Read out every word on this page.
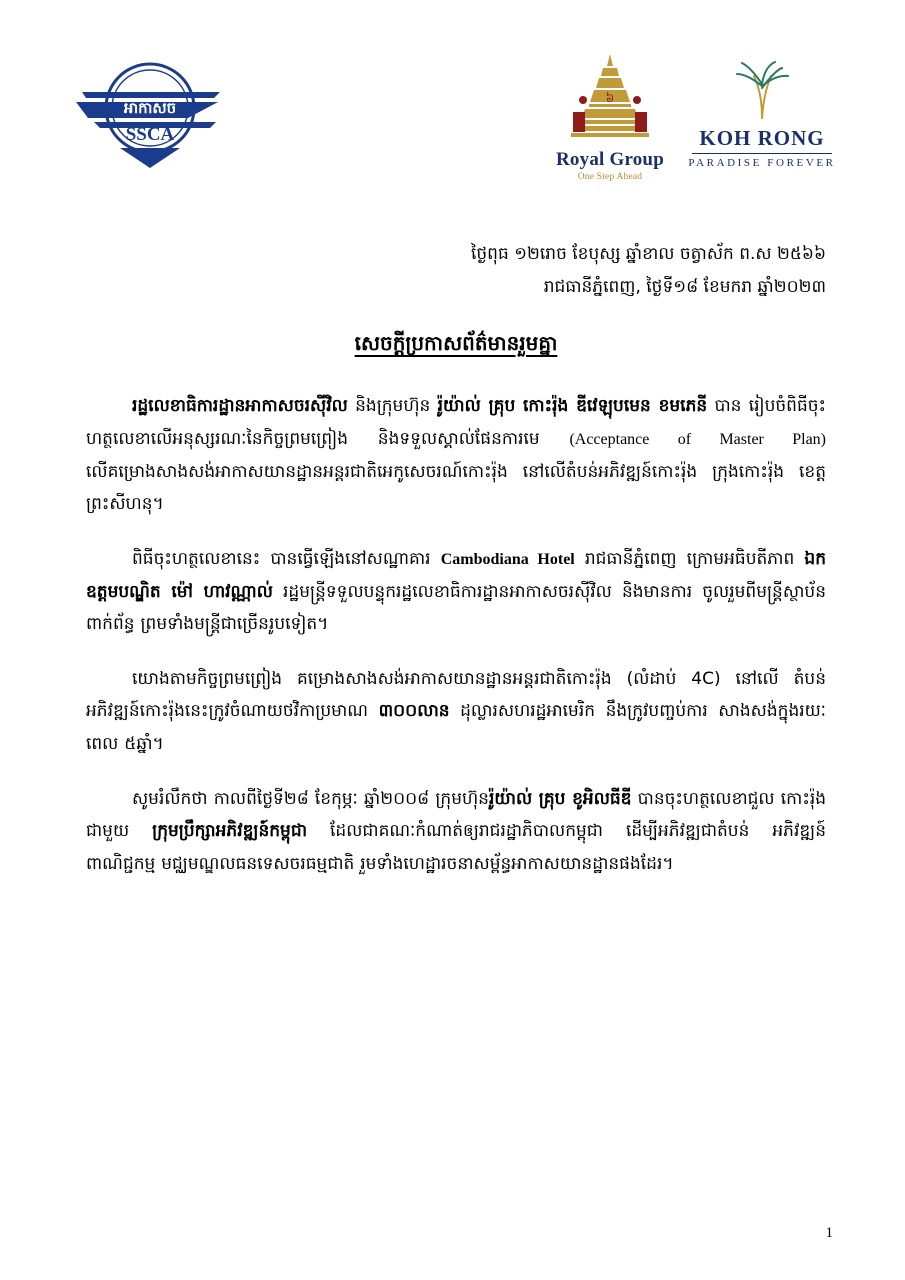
អាកាសច
SSCA
៦
Royal Group
One Step Ahead
KOH RONG
PARADISE FOREVER
ថ្ងៃពុធ ១២រោច ខែបុស្ស ឆ្នាំខាល ចត្វាស័ក ព.ស ២៥៦៦
រាជធានីភ្នំពេញ, ថ្ងៃទី១៨ ខែមករា ឆ្នាំ២០២៣
សេចក្ដីប្រកាសព័ត៌មានរួមគ្នា

រដ្ឋលេខាធិការដ្ឋានអាកាសចរស៊ីវិល និងក្រុមហ៊ុន រ៉ូយ៉ាល់ គ្រុប កោះរ៉ុង ឌីវេឡុបមេន ខមភេនី បាន រៀបចំពិធីចុះហត្ថលេខាលើអនុស្សរណៈនៃកិច្ចព្រមព្រៀង និងទទួលស្គាល់ផែនការមេ (Acceptance of Master Plan) លើគម្រោងសាងសង់អាកាសយានដ្ឋានអន្តរជាតិអេកូសេចរណ៍កោះរ៉ុង នៅលើតំបន់អភិវឌ្ឍន៍កោះរ៉ុង ក្រុងកោះរ៉ុង ខេត្តព្រះសីហនុ។

ពិធីចុះហត្ថលេខានេះ បានធ្វើឡើងនៅសណ្ឋាគារ Cambodiana Hotel រាជធានីភ្នំពេញ ក្រោមអធិបតីភាព ឯកឧត្តមបណ្ឌិត ម៉ៅ ហាវណ្ណាល់ រដ្ឋមន្ត្រីទទួលបន្ទុករដ្ឋលេខាធិការដ្ឋានអាកាសចរស៊ីវិល និងមានការ ចូលរួមពីមន្ត្រីស្ថាប័នពាក់ព័ន្ធ ព្រមទាំងមន្ត្រីជាច្រើនរូបទៀត។

យោងតាមកិច្ចព្រមព្រៀង គម្រោងសាងសង់អាកាសយានដ្ឋានអន្តរជាតិកោះរ៉ុង (លំដាប់ 4C) នៅលើ តំបន់អភិវឌ្ឍន៍កោះរ៉ុងនេះក្រូវចំណាយថវិកាប្រមាណ ៣០០លាន ដុល្លារសហរដ្ឋអាមេរិក នឹងក្រូវបញ្ចប់ការ សាងសង់ក្នុងរយៈពេល ៥ឆ្នាំ។

សូមរំលឹកថា កាលពីថ្ងៃទី២៨ ខែកុម្ភៈ ឆ្នាំ២០០៨ ក្រុមហ៊ុនរ៉ូយ៉ាល់ គ្រុប ខូអិលធីឌី បានចុះហត្ថលេខាជួល កោះរ៉ុង ជាមួយ ក្រុមប្រឹក្សាអភិវឌ្ឍន៍កម្ពុជា ដែលជាគណៈកំណាត់ឲ្យរាជរដ្ឋាភិបាលកម្ពុជា ដើម្បីអភិវឌ្ឍជាតំបន់ អភិវឌ្ឍន៍ពាណិជ្ជកម្ម មជ្ឈមណ្ឌលធនទេសចរធម្មជាតិ រួមទាំងហេដ្ឋារចនាសម្ព័ន្ធអាកាសយានដ្ឋានផងដែរ។

1
